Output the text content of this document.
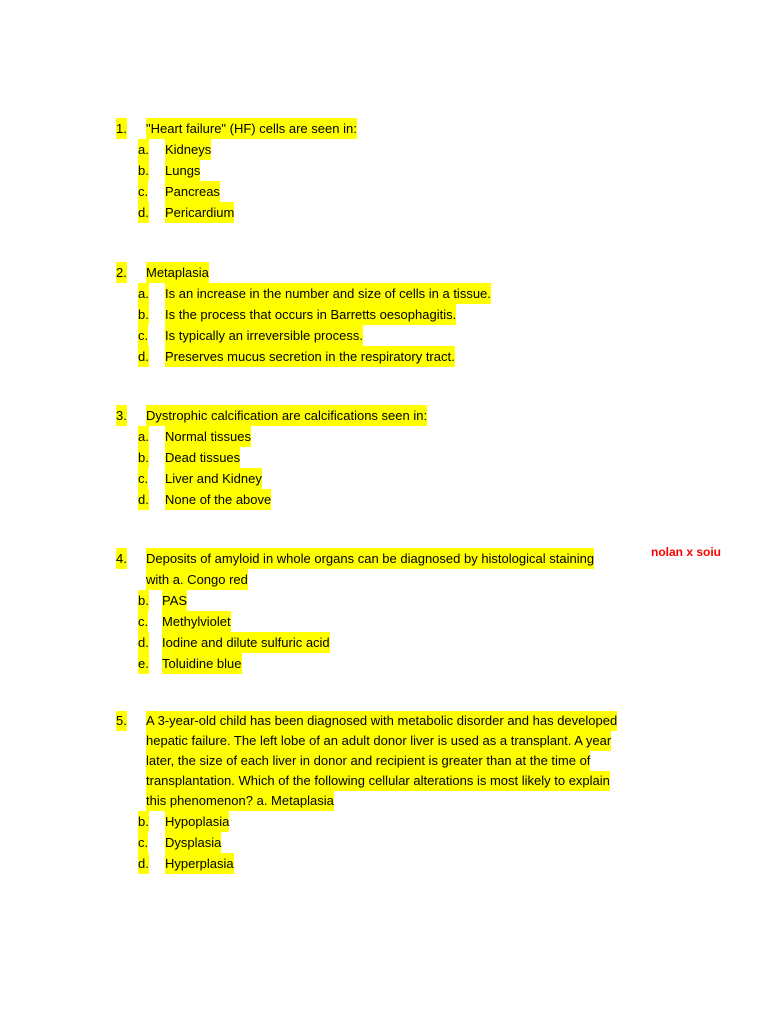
1. "Heart failure" (HF) cells are seen in:
a. Kidneys
b. Lungs
c. Pancreas
d. Pericardium
2. Metaplasia
a. Is an increase in the number and size of cells in a tissue.
b. Is the process that occurs in Barretts oesophagitis.
c. Is typically an irreversible process.
d. Preserves mucus secretion in the respiratory tract.
3. Dystrophic calcification are calcifications seen in:
a. Normal tissues
b. Dead tissues
c. Liver and Kidney
d. None of the above
4. Deposits of amyloid in whole organs can be diagnosed by histological staining
with a. Congo red
b. PAS
c. Methylviolet
d. Iodine and dilute sulfuric acid
e. Toluidine blue
nolan x soiu
5. A 3-year-old child has been diagnosed with metabolic disorder and has developed
hepatic failure. The left lobe of an adult donor liver is used as a transplant. A year
later, the size of each liver in donor and recipient is greater than at the time of
transplantation. Which of the following cellular alterations is most likely to explain
this phenomenon? a. Metaplasia
b. Hypoplasia
c. Dysplasia
d. Hyperplasia
